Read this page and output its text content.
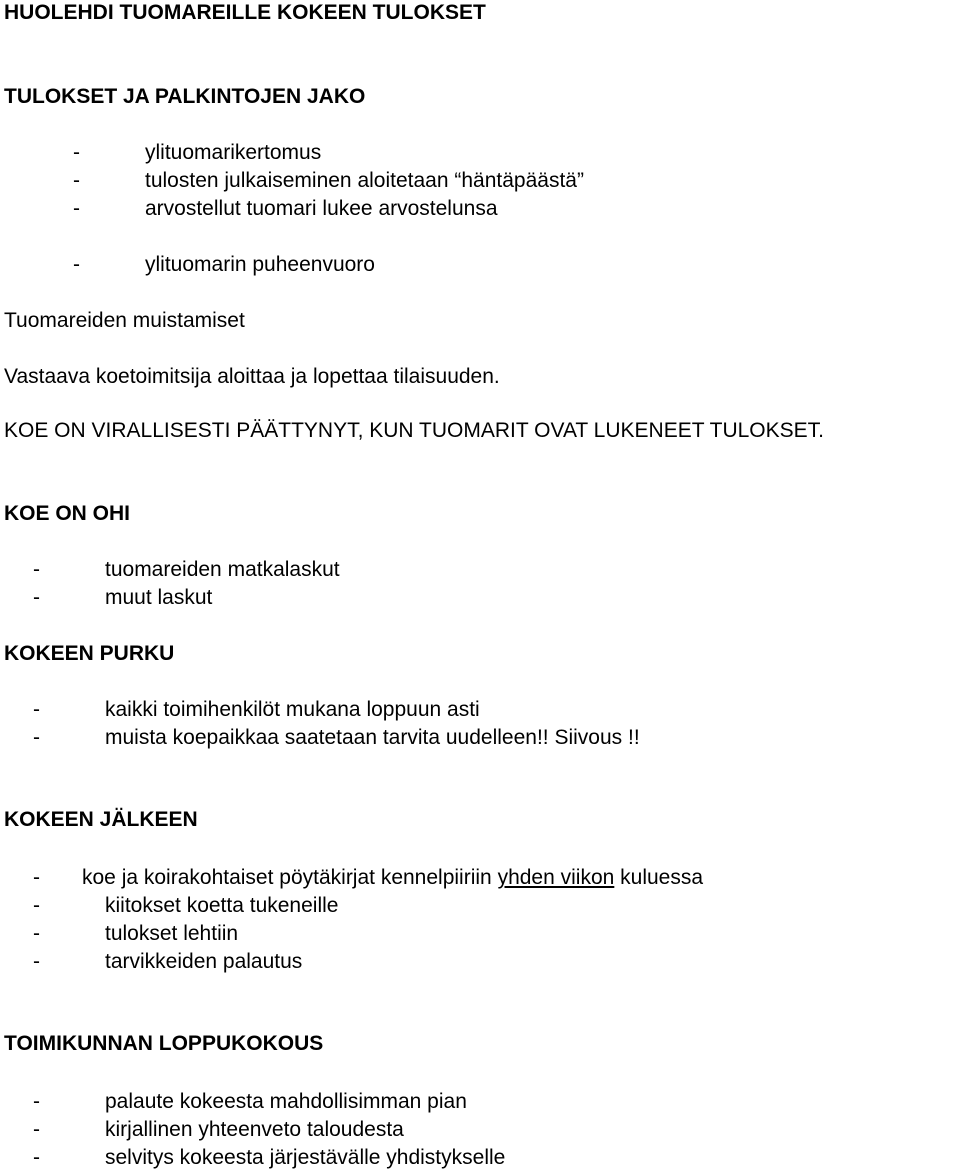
HUOLEHDI TUOMAREILLE KOKEEN TULOKSET
TULOKSET JA PALKINTOJEN JAKO
-	ylituomarikertomus
-	tulosten julkaiseminen aloitetaan “häntäpäästä”
-	arvostellut tuomari lukee arvostelunsa
-	ylituomarin puheenvuoro
Tuomareiden muistamiset
Vastaava koetoimitsija aloittaa ja lopettaa tilaisuuden.
KOE ON VIRALLISESTI PÄÄTTYNYT, KUN TUOMARIT OVAT LUKENEET TULOKSET.
KOE ON OHI
-	tuomareiden matkalaskut
-	muut laskut
KOKEEN PURKU
-	kaikki toimihenkilöt mukana loppuun asti
-	muista koepaikkaa saatetaan tarvita uudelleen!! Siivous !!
KOKEEN JÄLKEEN
- koe ja koirakohtaiset pöytäkirjat kennelpiiriin yhden viikon kuluessa
-	kiitokset koetta tukeneille
-	tulokset lehtiin
-	tarvikkeiden palautus
TOIMIKUNNAN LOPPUKOKOUS
-	palaute kokeesta mahdollisimman pian
-	kirjallinen yhteenveto taloudesta
-	selvitys kokeesta järjestävälle yhdistykselle
